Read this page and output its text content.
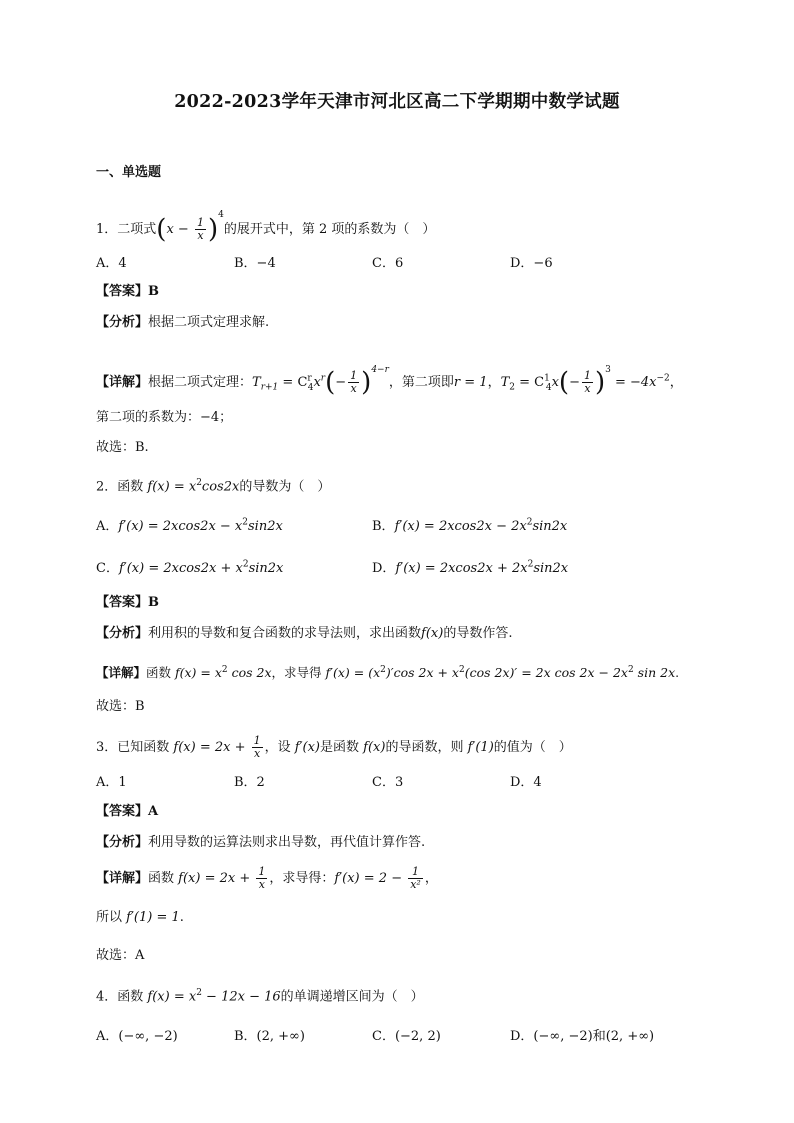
2022-2023学年天津市河北区高二下学期期中数学试题
一、单选题
1．二项式$(x - \frac{1}{x} )^4$的展开式中，第 2 项的系数为（　）
A．4	B．−4	C．6	D．−6
【答案】B
【分析】根据二项式定理求解.
【详解】根据二项式定理：$T_{r+1} = C^r_4x^r(- \frac{1}{x} )^{4-r}$，第二项即r = 1，$T_2 = C^1_4x(- \frac{1}{x} )^3 = -4x^{-2}$，
第二项的系数为：−4；
故选：B.
2．函数 $f(x) = x^2\cos 2x$的导数为（　）
A．$f'(x) = 2xcos2x - x^2\sin 2x$	B．$f'(x) = 2xcos2x - 2x^2\sin 2x$
C．$f'(x) = 2xcos2x + x^2\sin 2x$	D．$f'(x) = 2xcos2x + 2x^2\sin 2x$
【答案】B
【分析】利用积的导数和复合函数的求导法则，求出函数f(x)的导数作答.
【详解】函数 $f(x) = x^2$ cos 2x，求导得 $f'(x) = (x^2)'\cos$ $2x + x^2(\cos$ 2x)′ = 2x $\cos 2x - 2x^2$ sin 2x.
故选：B
3．已知函数 $f(x) = 2x + \frac{1}{x}$ ，设 f′(x)是函数 f(x)的导函数，则 f′(1)的值为（　）
A．1	B．2	C．3	D．4
【答案】A
【分析】利用导数的运算法则求出导数，再代值计算作答.
【详解】函数 $f(x) = 2x + \frac{1}{x}$ ，求导得：$f'(x) = 2 - \frac{1}{\text{x²}}$ ，
所以 f′(1) = 1.
故选：A
4．函数 $f(x) = x^2 - 12x - 16$的单调递增区间为（　）
A．(−∞, −2)	B．(2, +∞)	C．(−2, 2)	D．(−∞, −2)和(2, +∞)
